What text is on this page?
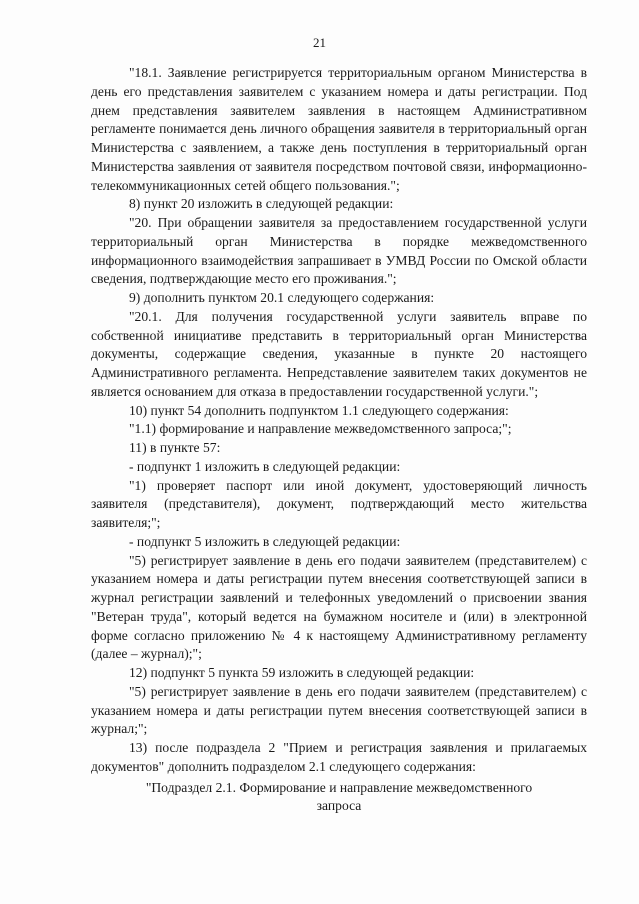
21

"18.1. Заявление регистрируется территориальным органом Министерства в день его представления заявителем с указанием номера и даты регистрации. Под днем представления заявителем заявления в настоящем Административном регламенте понимается день личного обращения заявителя в территориальный орган Министерства с заявлением, а также день поступления в территориальный орган Министерства заявления от заявителя посредством почтовой связи, информационно-телекоммуникационных сетей общего пользования.";

8) пункт 20 изложить в следующей редакции:

"20. При обращении заявителя за предоставлением государственной услуги территориальный орган Министерства в порядке межведомственного информационного взаимодействия запрашивает в УМВД России по Омской области сведения, подтверждающие место его проживания.";

9) дополнить пунктом 20.1 следующего содержания:

"20.1. Для получения государственной услуги заявитель вправе по собственной инициативе представить в территориальный орган Министерства документы, содержащие сведения, указанные в пункте 20 настоящего Административного регламента. Непредставление заявителем таких документов не является основанием для отказа в предоставлении государственной услуги.";

10) пункт 54 дополнить подпунктом 1.1 следующего содержания:

"1.1) формирование и направление межведомственного запроса;";

11) в пункте 57:

- подпункт 1 изложить в следующей редакции:

"1) проверяет паспорт или иной документ, удостоверяющий личность заявителя (представителя), документ, подтверждающий место жительства заявителя;";

- подпункт 5 изложить в следующей редакции:

"5) регистрирует заявление в день его подачи заявителем (представителем) с указанием номера и даты регистрации путем внесения соответствующей записи в журнал регистрации заявлений и телефонных уведомлений о присвоении звания "Ветеран труда", который ведется на бумажном носителе и (или) в электронной форме согласно приложению № 4 к настоящему Административному регламенту (далее – журнал);";

12) подпункт 5 пункта 59 изложить в следующей редакции:

"5) регистрирует заявление в день его подачи заявителем (представителем) с указанием номера и даты регистрации путем внесения соответствующей записи в журнал;";

13) после подраздела 2 "Прием и регистрация заявления и прилагаемых документов" дополнить подразделом 2.1 следующего содержания:

"Подраздел 2.1. Формирование и направление межведомственного запроса
